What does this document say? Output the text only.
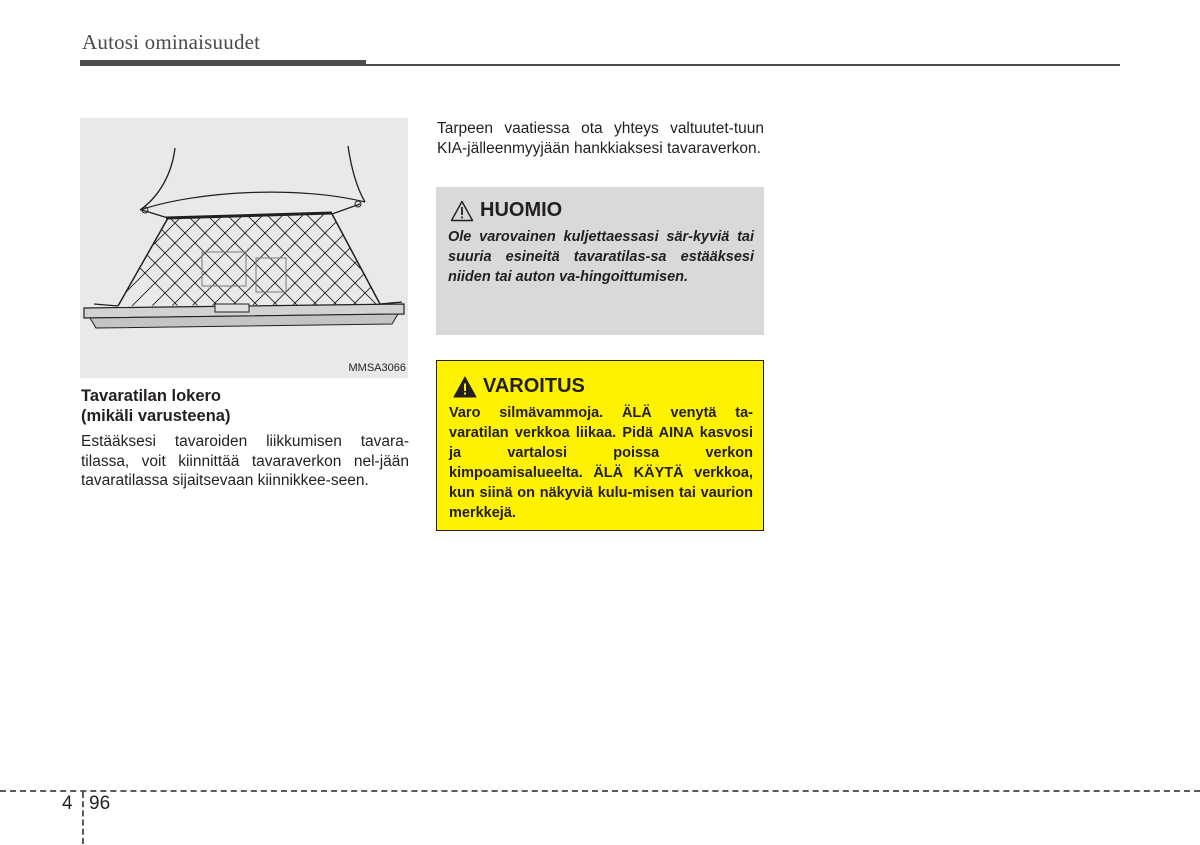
Autosi ominaisuudet
MMSA3066
Tavaratilan lokero
(mikäli varusteena)
Estääksesi tavaroiden liikkumisen tavara-tilassa, voit kiinnittää tavaraverkon nel-jään tavaratilassa sijaitsevaan kiinnikkee-seen.
Tarpeen vaatiessa ota yhteys valtuutet-tuun KIA-jälleenmyyjään hankkiaksesi tavaraverkon.
HUOMIO
Ole varovainen kuljettaessasi sär-kyviä tai suuria esineitä tavaratilas-sa estääksesi niiden tai auton va-hingoittumisen.
VAROITUS
Varo silmävammoja. ÄLÄ venytä ta-varatilan verkkoa liikaa. Pidä AINA kasvosi ja vartalosi poissa verkon kimpoamisalueelta. ÄLÄ KÄYTÄ verkkoa, kun siinä on näkyviä kulu-misen tai vaurion merkkejä.
4 96
